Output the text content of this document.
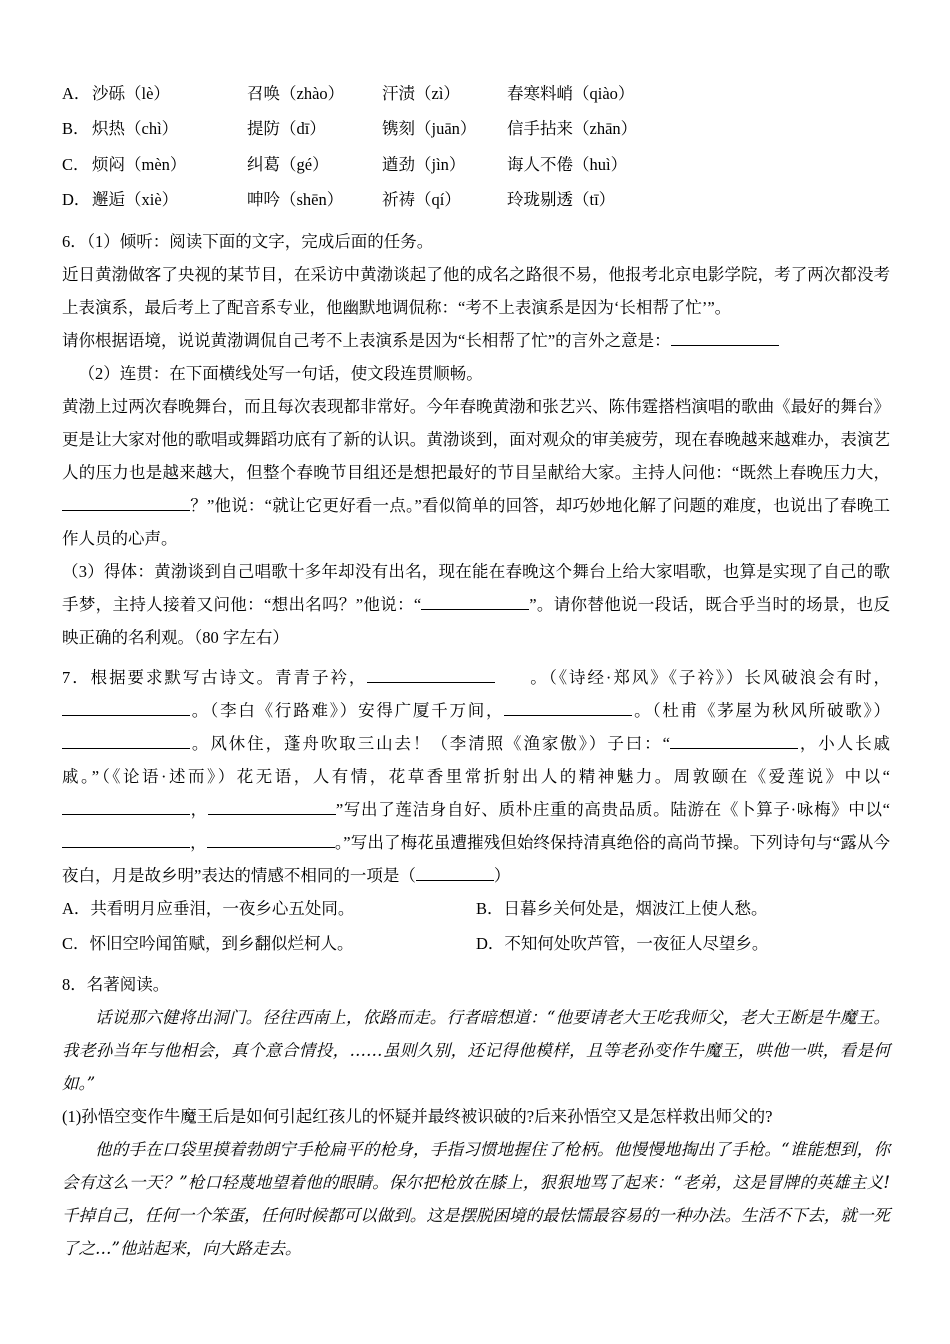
A． 沙砾（lè）	召唤（zhào）	汗渍（zì）	春寒料峭（qiào）
B． 炽热（chì）	提防（dī）	镌刻（juān）	信手拈来（zhān）
C． 烦闷（mèn）	纠葛（gé）	遒劲（jìn）	诲人不倦（huì）
D． 邂逅（xiè）	呻吟（shēn）	祈祷（qí）	玲珑剔透（tī）

6．（1）倾听：阅读下面的文字，完成后面的任务。

近日黄渤做客了央视的某节目，在采访中黄渤谈起了他的成名之路很不易，他报考北京电影学院，考了两次都没考上表演系，最后考上了配音系专业，他幽默地调侃称：“考不上表演系是因为‘长相帮了忙’”。

请你根据语境，说说黄渤调侃自己考不上表演系是因为“长相帮了忙”的言外之意是：

（2）连贯：在下面横线处写一句话，使文段连贯顺畅。

黄渤上过两次春晚舞台，而且每次表现都非常好。今年春晚黄渤和张艺兴、陈伟霆搭档演唱的歌曲《最好的舞台》更是让大家对他的歌唱或舞蹈功底有了新的认识。黄渤谈到，面对观众的审美疲劳，现在春晚越来越难办，表演艺人的压力也是越来越大，但整个春晚节目组还是想把最好的节目呈献给大家。主持人问他：“既然上春晚压力大，？”他说：“就让它更好看一点。”看似简单的回答，却巧妙地化解了问题的难度，也说出了春晚工作人员的心声。

（3）得体：黄渤谈到自己唱歌十多年却没有出名，现在能在春晚这个舞台上给大家唱歌，也算是实现了自己的歌手梦，主持人接着又问他：“想出名吗？”他说：“	”。请你替他说一段话，既合乎当时的场景，也反映正确的名利观。（80 字左右）

7．根据要求默写古诗文。青青子衿，	。（《诗经·郑风》《子衿》）长风破浪会有时，。（李白《行路难》）安得广厦千万间，	。（杜甫《茅屋为秋风所破歌》）。风休住，蓬舟吹取三山去！（李清照《渔家傲》）子曰：“	，小人长戚戚。”（《论语·述而》）花无语，人有情，花草香里常折射出人的精神魅力。周敦颐在《爱莲说》中以“，	”写出了莲洁身自好、质朴庄重的高贵品质。陆游在《卜算子·咏梅》中以“，	。”写出了梅花虽遭摧残但始终保持清真绝俗的高尚节操。下列诗句与“露从今夜白，月是故乡明”表达的情感不相同的一项是（	）

A．共看明月应垂泪，一夜乡心五处同。	B．日暮乡关何处是，烟波江上使人愁。
C．怀旧空吟闻笛赋，到乡翻似烂柯人。	D．不知何处吹芦管，一夜征人尽望乡。

8．名著阅读。

话说那六健将出洞门。径往西南上，依路而走。行者暗想道：“他要请老大王吃我师父，老大王断是牛魔王。我老孙当年与他相会，真个意合情投，……虽则久别，还记得他模样，且等老孙变作牛魔王，哄他一哄，看是何如。”

(1)孙悟空变作牛魔王后是如何引起红孩儿的怀疑并最终被识破的?后来孙悟空又是怎样救出师父的?

他的手在口袋里摸着勃朗宁手枪扁平的枪身，手指习惯地握住了枪柄。他慢慢地掏出了手枪。“谁能想到，你会有这么一天？”枪口轻蔑地望着他的眼睛。保尔把枪放在膝上，狠狠地骂了起来：“老弟，这是冒牌的英雄主义!千掉自己，任何一个笨蛋，任何时候都可以做到。这是摆脱困境的最怯懦最容易的一种办法。生活不下去，就一死了之…”他站起来，向大路走去。
